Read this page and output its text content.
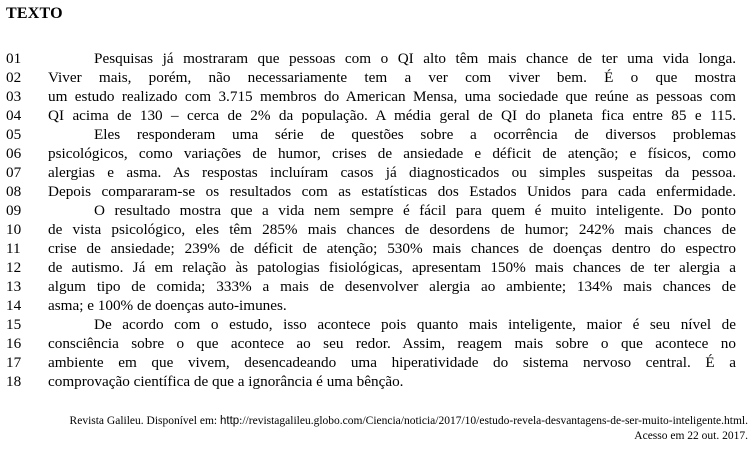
TEXTO
01	Pesquisas já mostraram que pessoas com o QI alto têm mais chance de ter uma vida longa.
02 Viver mais, porém, não necessariamente tem a ver com viver bem. É o que mostra
03 um estudo realizado com 3.715 membros do American Mensa, uma sociedade que reúne as pessoas com
04 QI acima de 130 – cerca de 2% da população. A média geral de QI do planeta fica entre 85 e 115.
05	Eles responderam uma série de questões sobre a ocorrência de diversos problemas
06 psicológicos, como variações de humor, crises de ansiedade e déficit de atenção; e físicos, como
07 alergias e asma. As respostas incluíram casos já diagnosticados ou simples suspeitas da pessoa.
08 Depois compararam-se os resultados com as estatísticas dos Estados Unidos para cada enfermidade.
09	O resultado mostra que a vida nem sempre é fácil para quem é muito inteligente. Do ponto
10 de vista psicológico, eles têm 285% mais chances de desordens de humor; 242% mais chances de
11 crise de ansiedade; 239% de déficit de atenção; 530% mais chances de doenças dentro do espectro
12 de autismo. Já em relação às patologias fisiológicas, apresentam 150% mais chances de ter alergia a
13 algum tipo de comida; 333% a mais de desenvolver alergia ao ambiente; 134% mais chances de
14 asma; e 100% de doenças auto-imunes.
15	De acordo com o estudo, isso acontece pois quanto mais inteligente, maior é seu nível de
16 consciência sobre o que acontece ao seu redor. Assim, reagem mais sobre o que acontece no
17 ambiente em que vivem, desencadeando uma hiperatividade do sistema nervoso central. É a
18 comprovação científica de que a ignorância é uma bênção.
Revista Galileu. Disponível em: http://revistagalileu.globo.com/Ciencia/noticia/2017/10/estudo-revela-desvantagens-de-ser-muito-inteligente.html.
Acesso em 22 out. 2017.
